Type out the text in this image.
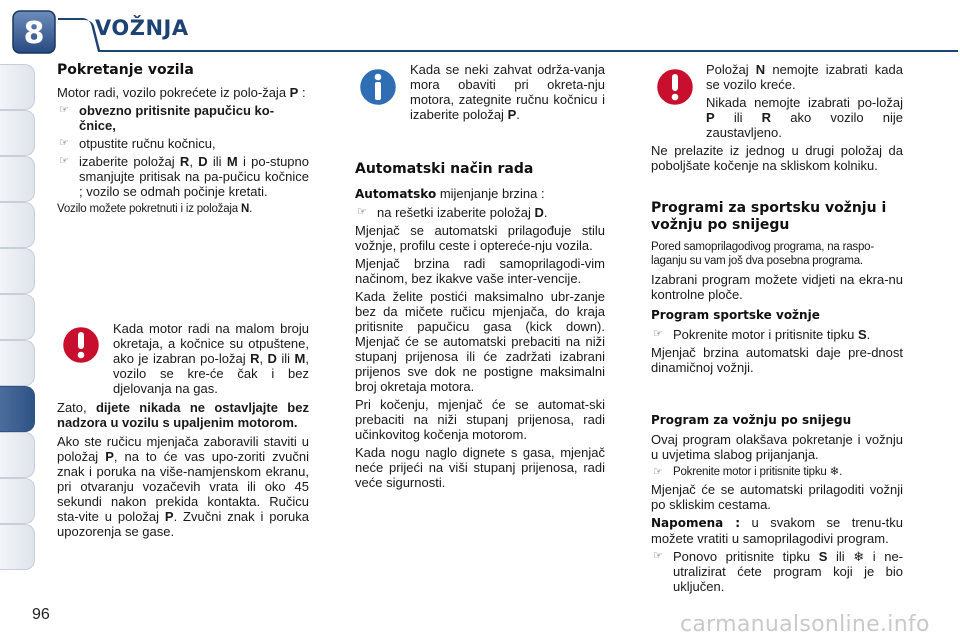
8 VOŽNJA
Pokretanje vozila

Motor radi, vozilo pokrećete iz polo-žaja P :

☞ obvezno pritisnite papučicu ko-čnice,
☞ otpustite ručnu kočnicu,
☞ izaberite položaj R, D ili M i po-stupno smanjujte pritisak na pa-pučicu kočnice ; vozilo se odmah počinje kretati.

Vozilo možete pokretnuti i iz položaja N.

Kada motor radi na malom broju okretaja, a kočnice su otpuštene, ako je izabran po-ložaj R, D ili M, vozilo se kre-će čak i bez djelovanja na gas.

Zato, dijete nikada ne ostavljajte bez nadzora u vozilu s upaljenim motorom.

Ako ste ručicu mjenjača zaboravili staviti u položaj P, na to će vas upo-zoriti zvučni znak i poruka na više-namjenskom ekranu, pri otvaranju vozačevih vrata ili oko 45 sekundi nakon prekida kontakta. Ručicu sta-vite u položaj P. Zvučni znak i poruka upozorenja se gase.

Kada se neki zahvat održa-vanja mora obaviti pri okreta-nju motora, zategnite ručnu kočnicu i izaberite položaj P.

Automatski način rada

Automatsko mijenjanje brzina :

☞ na rešetki izaberite položaj D.

Mjenjač se automatski prilagođuje stilu vožnje, profilu ceste i optereće-nju vozila.

Mjenjač brzina radi samoprilagodi-vim načinom, bez ikakve vaše inter-vencije.

Kada želite postići maksimalno ubr-zanje bez da mičete ručicu mjenjača, do kraja pritisnite papučicu gasa (kick down). Mjenjač će se automatski prebaciti na niži stupanj prijenosa ili će zadržati izabrani prijenos sve dok ne postigne maksimalni broj okretaja motora.

Pri kočenju, mjenjač će se automat-ski prebaciti na niži stupanj prijenosa, radi učinkovitog kočenja motorom.

Kada nogu naglo dignete s gasa, mjenjač neće prijeći na viši stupanj prijenosa, radi veće sigurnosti.

Položaj N nemojte izabrati kada se vozilo kreće.

Nikada nemojte izabrati po-ložaj P ili R ako vozilo nije zaustavljeno.

Ne prelazite iz jednog u drugi položaj da poboljšate kočenje na skliskom kolniku.

Programi za sportsku vožnju i vožnju po snijegu

Pored samoprilagodivog programa, na raspo-laganju su vam još dva posebna programa.

Izabrani program možete vidjeti na ekra-nu kontrolne ploče.

Program sportske vožnje
☞ Pokrenite motor i pritisnite tipku S.

Mjenjač brzina automatski daje pre-dnost dinamičnoj vožnji.

Program za vožnju po snijegu

Ovaj program olakšava pokretanje i vožnju u uvjetima slabog prijanjanja.

☞ Pokrenite motor i pritisnite tipku ❄.

Mjenjač će se automatski prilagoditi vožnji po skliskim cestama.

Napomena : u svakom se trenu-tku možete vratiti u samoprilagodivi program.

☞ Ponovo pritisnite tipku S ili ❄ i ne-utralizirat ćete program koji je bio uključen.
96	carmanualsonline.info
